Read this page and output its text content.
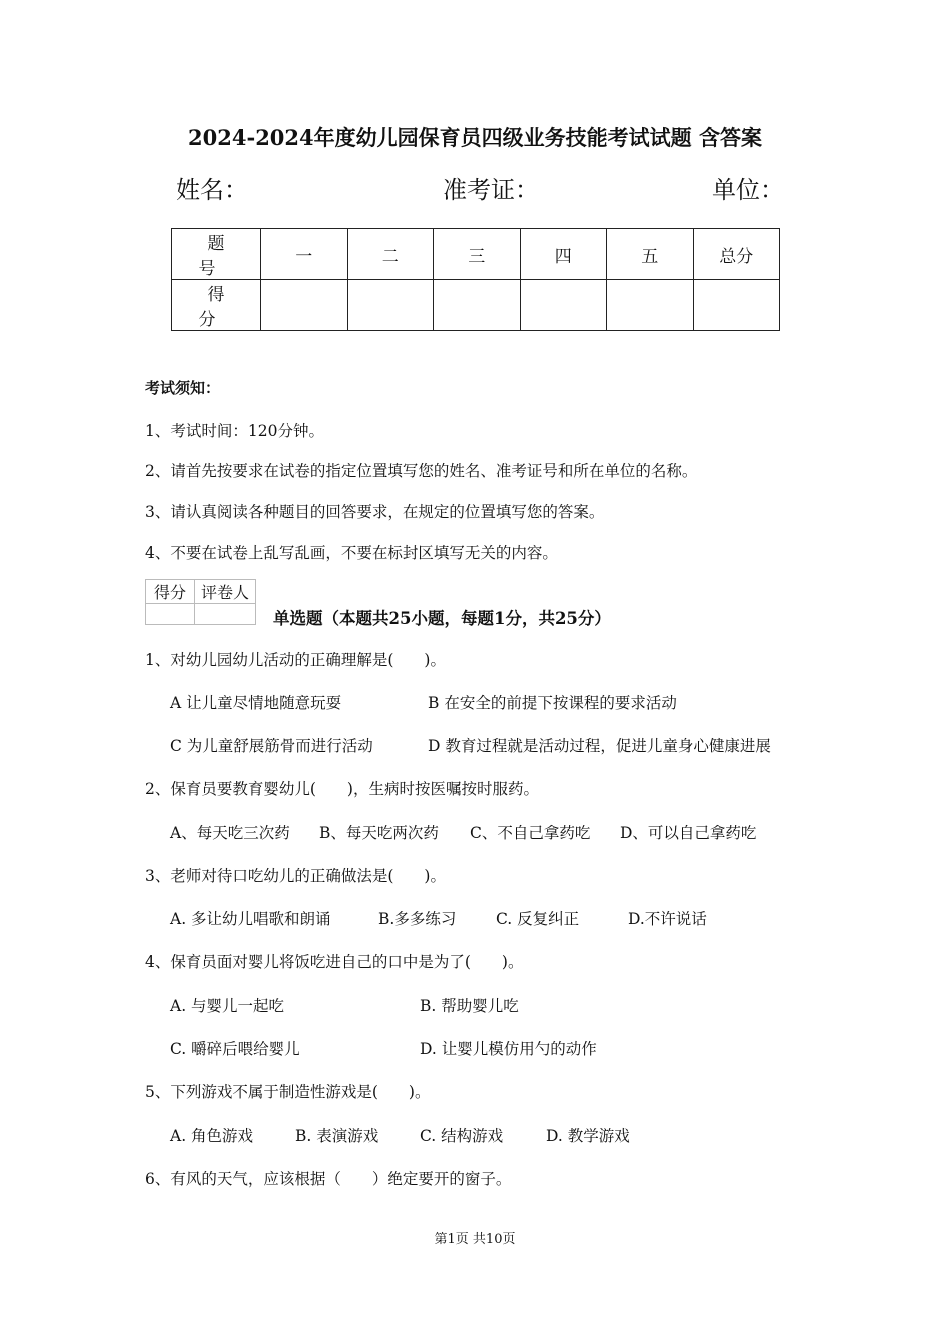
2024-2024年度幼儿园保育员四级业务技能考试试题 含答案
姓名：	准考证：	单位：
题　号	一	二	三	四	五	总分
得　分						
考试须知：
1、考试时间：120分钟。
2、请首先按要求在试卷的指定位置填写您的姓名、准考证号和所在单位的名称。
3、请认真阅读各种题目的回答要求，在规定的位置填写您的答案。
4、不要在试卷上乱写乱画，不要在标封区填写无关的内容。
得分	评卷人

单选题（本题共25小题，每题1分，共25分）
1、对幼儿园幼儿活动的正确理解是(　　)。
A 让儿童尽情地随意玩耍	B 在安全的前提下按课程的要求活动
C 为儿童舒展筋骨而进行活动	D 教育过程就是活动过程，促进儿童身心健康进展
2、保育员要教育婴幼儿(　　)，生病时按医嘱按时服药。
A、每天吃三次药 B、每天吃两次药 C、不自己拿药吃 D、可以自己拿药吃
3、老师对待口吃幼儿的正确做法是(　　)。
A. 多让幼儿唱歌和朗诵	B.多多练习	C. 反复纠正	D.不许说话
4、保育员面对婴儿将饭吃进自己的口中是为了(　　)。
A. 与婴儿一起吃	B. 帮助婴儿吃
C. 嚼碎后喂给婴儿	D. 让婴儿模仿用勺的动作
5、下列游戏不属于制造性游戏是(　　)。
A. 角色游戏	B. 表演游戏	C. 结构游戏	D. 教学游戏
6、有风的天气，应该根据（　　）绝定要开的窗子。
第1页 共10页
